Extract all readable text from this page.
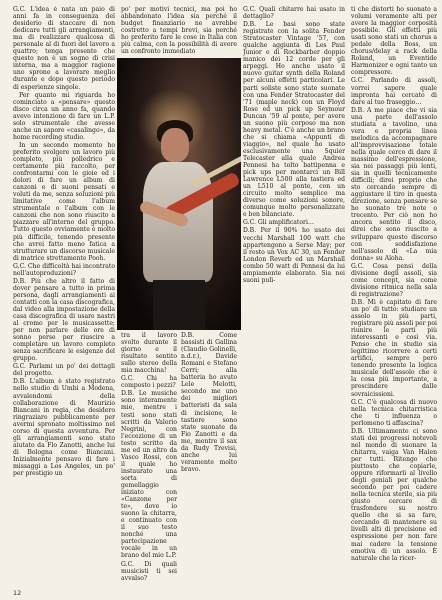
G.C. L'idea è nata un paio di anni fa in conseguenza del desiderio di staccare di non dedicare tutti gli arrangiamenti, ma di realizzare qualcosa di personale al di fuori del lavoro a quattro; tenga presente che questo non è un sogno di crisi interna, ma a maggior ragione uno sprone a lavorare meglio durante e dopo questo periodo di esperienze singole.

Per quanto mi riguarda ho cominciato a «pensare» questo disco circa un anno fa, quando avevo intenzione di fare un L.P. solo strumentale che avesse anche un sapore «casalingo», da home recording studio.

In un secondo momento ho preferito svolgere un lavoro più completo, più polledrico e certamente più raccolto, per confrontarmi con le gioie ed i dolori di fare un album di canzoni e di suoni pensati e voluti da me, senza soluzioni più limitative come l'album strumentale o l'album con le canzoni che non sono riuscito a piazzare all'interno del gruppo. Tutto questo ovviamente è molto più difficile, tenendo presente che avrei fatto meno fatica a strutturare un discorso musicale di matrice strettamente Pooh.

G.C. Che difficoltà hai incontrato nell'autoproduzioni?

D.B. Più che altro il fatto di dover pensare a tutto in prima persona, dagli arrangiamenti ai contatti con la casa discografica, dal video alla impostazione della casa discografica di usare nastri al cromo per le musicassette; per non parlare delle ore di sonno perse per riuscire a completare un lavoro completo senza sacrificare le esigenze del gruppo.

G.C. Parlami un po' dei dettagli del progetto.

D.B. L'album è stato registrato nello studio di Umbi a Modena, avvalendomi della collaborazione di Maurizio Biancani in regia, che desidero ringraziare pubblicamente per avermi spronato moltissimo nel corso di questa avventura. Per gli arrangiamenti sono stato aiutato da Flo Zanotti, anche lui di Bologna come Biancani. Inizialmente pensavo di fare i missaggi a Los Angeles, un po' per prestigio un

po' per motivi tecnici, ma poi ho abbandonato l'idea sia perché il budget finanziario ne avrebbe costretto a tempi brevi, sia perché ho preferito fare le cose in Italia con più calma, con la possibilità di avere un confronto immediato

tra il lavoro svolto durante il giorno e il risultato sentito sullo stereo della mia macchina!

G.C. Chi ha composto i pezzi?

D.B. Le musiche sono interamente mie, mentre i testi sono stati scritti da Valerio Negrini, con l'eccezione di un testo scritto da me ed un altro da Vasco Rossi, con il quale ho instaurato una sorta di gemellaggio iniziato con «Canzone per te», dove io suono la chitarra, e continuato con il suo testo nonché una partecipazione vocale in un brano del mio L.P.

G.C. Di quali musicisti ti sei avvalso?

D.B. Come bassisti di Gallina (Claudio Golinelli, n.d.r.), Davide Romani e Stefano Cerri; alla batteria ho avuto Lele Melotti, secondo me uno dei migliori batteristi da sala di incisione, le tastiere sono state suonate da Fio Zanotti e da me, mentre il sax da Rudy Trevisi, anche lui veramente molto bravo.

G.C. Quali chitarre hai usato in dettaglio?

D.B. Le basi sono state registrate con la solita Fender Stratocaster Vintage '57, con qualche aggiunta di Les Paul Junior e di Rockbarber doppio manico dei 12 corde per gli arpeggi. Ho anche usato il nuovo guitar synth della Roland per alcuni effetti particolari. Le parti soliste sono state suonate con una Fender Stratocaster del '71 (maple neck) con un Floyd Rose ed un pick up Seymour Duncan '59 al ponte, per avere un suono più corposo ma non heavy metal. C'è anche un brano che si chiama «Appunti di viaggio», nel quale ho usato esclusivamente una Squier Telecaster alla quale Andrea Pennesi ha tolto battipenna e pick ups per montarci un Bill Lawrence L500 alla tastiera ed un L510 al ponte, con un circuito molto semplice ma diverso come soluzioni sonore, comunque molto personalizzate e ben bilanciate.

G.C. Gli amplificatori…

D.B. Per il 90% ho usato dei vecchi Marshall 100 watt che appartengono a Serse May; per il resto un Vox AC 30, un Fender London Reverb ed un Marshall combo 50 watt di Pennesi da lui ampiamente elaborato. Sia nei suoni puli-

ti che distorti ho suonato a volumi veramente alti per avere la maggior corposità possibile. Gli effetti più usati sono stati un chorus a pedale della Boss, un chorus/delay a rack della Roland, un Eventide Harmonizer e ogni tanto un compressore.

G.C. Parlando di assoli, vorrei sapere quale impronta hai cercato di dare al tuo fraseggio…

D.B. A me piace che vi sia una parte dell'assolo studiata a tavolino, una vera e propria linea melodica da accompagnare all'improvvisazione totale nella quale cerco di dare il massimo dell'espressione, sia nei passaggi più lenti, sia in quelli tecnicamente difficili; direi proprio che sto cercando sempre di aggiustare il tiro in questa direzione, senza pensare se ho suonato tre note o trecento. Per ciò non ho ancora sentito il disco, direi che sono riuscito a sviluppare questo discorso con soddisfazione nell'assolo di «La mia donna» su Aloha.

G.C. Cosa pensi della divisione degli assoli, sia come concept, sia come divisione ritmica nella sala di registrazione?

D.B. Mi è capitato di fare un po' di tutto: studiare un assolo in più parti, registrare più assoli per poi riunire le parti più interessanti e così via. Penso che in studio sia legittimo ricorrere a certi artifici, sempre però tenendo presente la logica musicale dell'assolo che è la cosa più importante, a prescindere dalle sovraicissioni.

G.C. C'è qualcosa di nuovo nella tecnica chitarristica che ti influenza o perlomeno ti affascina?

D.B. Ultimamente ci sono stati dei progressi notevoli nel mondo di suonare la chitarra, vaiga Van Halen per tutti. Ritengo che piuttosto che copiarle, oppure riformarli al livello degli geniali per qualche secondo per poi cadere nella tecnica sterile, sia più giusto cercare di trasfondere su nostro quello che si sa fare, cercando di mantenere su livelli alti di precisione ed espressione per non fare mai cadere la tensione emotiva di un assolo. È naturale che la ricer-

12
